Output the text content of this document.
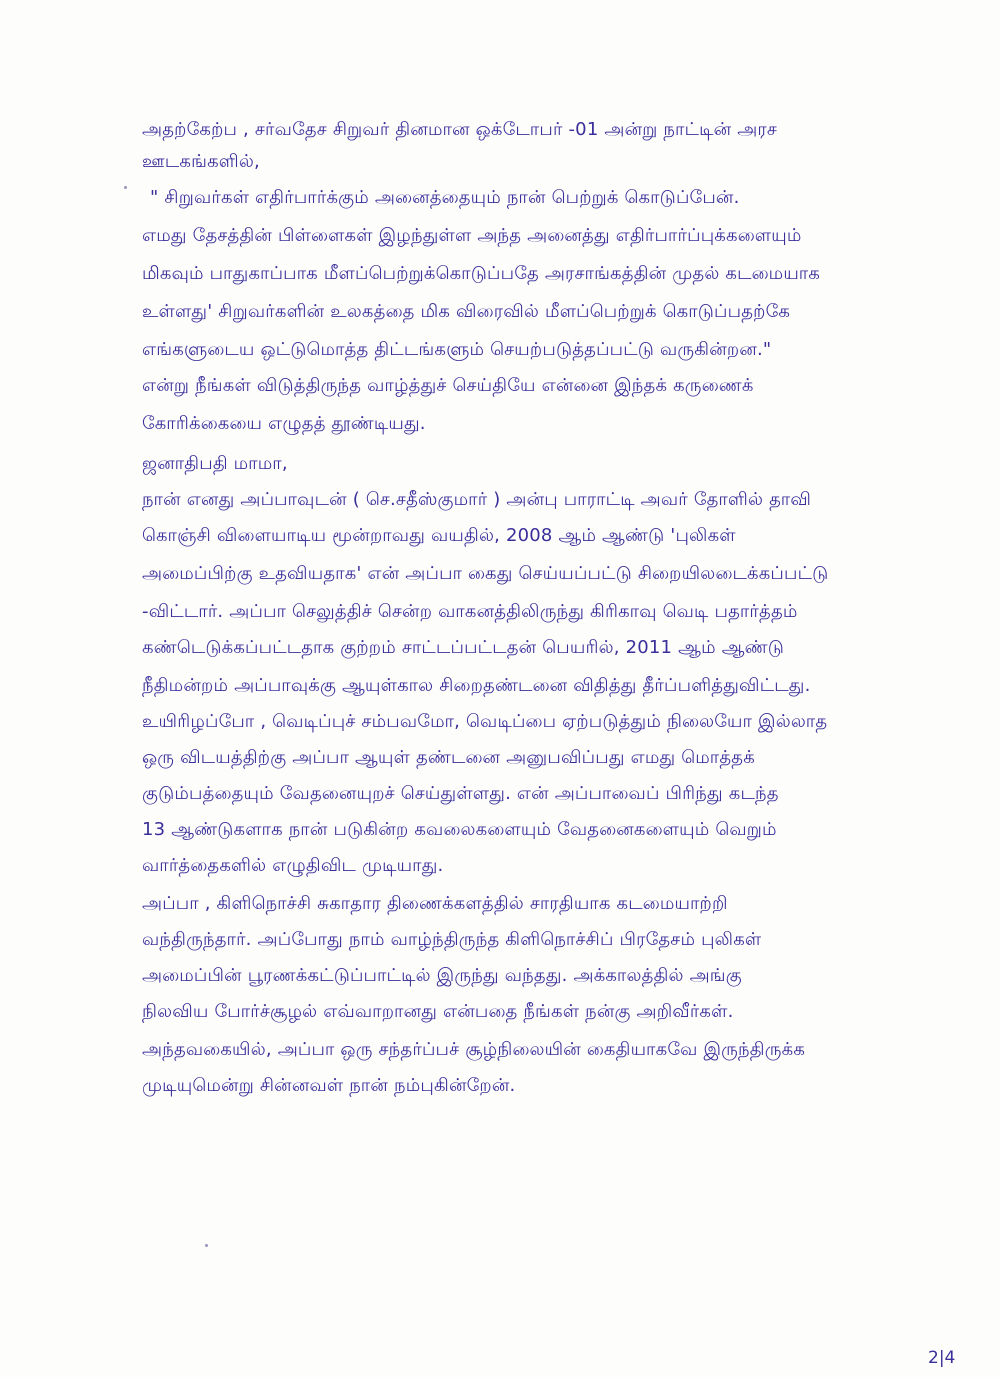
அதற்கேற்ப , சர்வதேச சிறுவர் தினமான ஒக்டோபர் -01 அன்று நாட்டின் அரச
ஊடகங்களில்,
" சிறுவர்கள் எதிர்பார்க்கும் அனைத்தையும் நான் பெற்றுக் கொடுப்பேன்.
எமது தேசத்தின் பிள்ளைகள் இழந்துள்ள அந்த அனைத்து எதிர்பார்ப்புக்களையும்
மிகவும் பாதுகாப்பாக மீளப்பெற்றுக்கொடுப்பதே அரசாங்கத்தின் முதல் கடமையாக
உள்ளது' சிறுவர்களின் உலகத்தை மிக விரைவில் மீளப்பெற்றுக் கொடுப்பதற்கே
எங்களுடைய ஒட்டுமொத்த திட்டங்களும் செயற்படுத்தப்பட்டு வருகின்றன."
என்று நீங்கள் விடுத்திருந்த வாழ்த்துச் செய்தியே என்னை இந்தக் கருணைக்
கோரிக்கையை எழுதத் தூண்டியது.
ஜனாதிபதி மாமா,
நான் எனது அப்பாவுடன் ( செ.சதீஸ்குமார் ) அன்பு பாராட்டி அவர் தோளில் தாவி
கொஞ்சி விளையாடிய மூன்றாவது வயதில், 2008 ஆம் ஆண்டு 'புலிகள்
அமைப்பிற்கு உதவியதாக' என் அப்பா கைது செய்யப்பட்டு சிறையிலடைக்கப்பட்டு
-விட்டார். அப்பா செலுத்திச் சென்ற வாகனத்திலிருந்து கிரிகாவு வெடி பதார்த்தம்
கண்டெடுக்கப்பட்டதாக குற்றம் சாட்டப்பட்டதன் பெயரில், 2011 ஆம் ஆண்டு
நீதிமன்றம் அப்பாவுக்கு ஆயுள்கால சிறைதண்டனை விதித்து தீர்ப்பளித்துவிட்டது.
உயிரிழப்போ , வெடிப்புச் சம்பவமோ, வெடிப்பை ஏற்படுத்தும் நிலையோ இல்லாத
ஒரு விடயத்திற்கு அப்பா ஆயுள் தண்டனை அனுபவிப்பது எமது மொத்தக்
குடும்பத்தையும் வேதனையுறச் செய்துள்ளது. என் அப்பாவைப் பிரிந்து கடந்த
13 ஆண்டுகளாக நான் படுகின்ற கவலைகளையும் வேதனைகளையும் வெறும்
வார்த்தைகளில் எழுதிவிட முடியாது.
அப்பா , கிளிநொச்சி சுகாதார திணைக்களத்தில் சாரதியாக கடமையாற்றி
வந்திருந்தார். அப்போது நாம் வாழ்ந்திருந்த கிளிநொச்சிப் பிரதேசம் புலிகள்
அமைப்பின் பூரணக்கட்டுப்பாட்டில் இருந்து வந்தது. அக்காலத்தில் அங்கு
நிலவிய போர்ச்சூழல் எவ்வாறானது என்பதை நீங்கள் நன்கு அறிவீர்கள்.
அந்தவகையில், அப்பா ஒரு சந்தர்ப்பச் சூழ்நிலையின் கைதியாகவே இருந்திருக்க
முடியுமென்று சின்னவள் நான் நம்புகின்றேன்.
2|4
